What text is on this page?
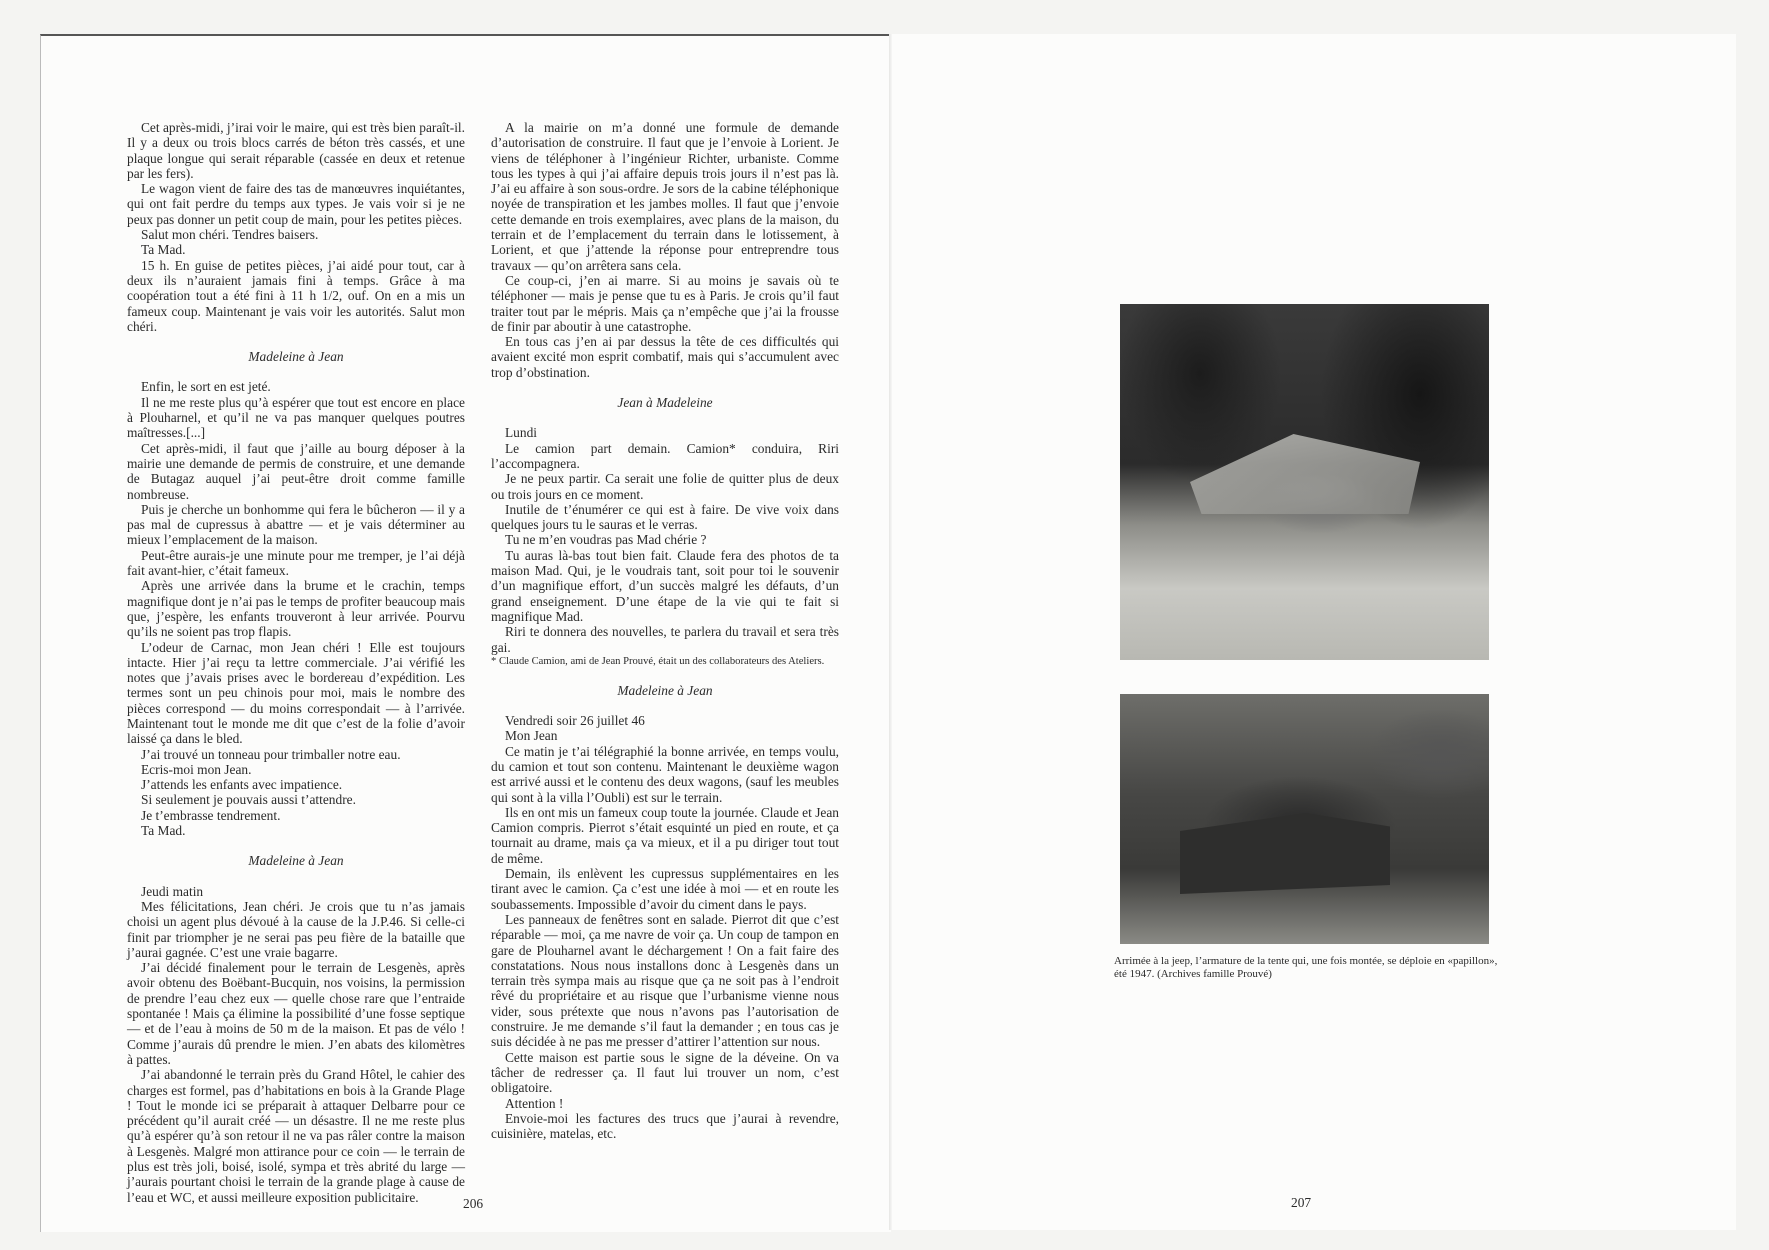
Cet après-midi, j’irai voir le maire, qui est très bien paraît-il. Il y a deux ou trois blocs carrés de béton très cassés, et une plaque longue qui serait réparable (cassée en deux et retenue par les fers).

Le wagon vient de faire des tas de manœuvres inquiétantes, qui ont fait perdre du temps aux types. Je vais voir si je ne peux pas donner un petit coup de main, pour les petites pièces.

Salut mon chéri. Tendres baisers.

Ta Mad.

15 h. En guise de petites pièces, j’ai aidé pour tout, car à deux ils n’auraient jamais fini à temps. Grâce à ma coopération tout a été fini à 11 h 1/2, ouf. On en a mis un fameux coup. Maintenant je vais voir les autorités. Salut mon chéri.

Madeleine à Jean

Enfin, le sort en est jeté.

Il ne me reste plus qu’à espérer que tout est encore en place à Plouharnel, et qu’il ne va pas manquer quelques poutres maîtresses.[...]

Cet après-midi, il faut que j’aille au bourg déposer à la mairie une demande de permis de construire, et une demande de Butagaz auquel j’ai peut-être droit comme famille nombreuse.

Puis je cherche un bonhomme qui fera le bûcheron — il y a pas mal de cupressus à abattre — et je vais déterminer au mieux l’emplacement de la maison.

Peut-être aurais-je une minute pour me tremper, je l’ai déjà fait avant-hier, c’était fameux.

Après une arrivée dans la brume et le crachin, temps magnifique dont je n’ai pas le temps de profiter beaucoup mais que, j’espère, les enfants trouveront à leur arrivée. Pourvu qu’ils ne soient pas trop flapis.

L’odeur de Carnac, mon Jean chéri ! Elle est toujours intacte. Hier j’ai reçu ta lettre commerciale. J’ai vérifié les notes que j’avais prises avec le bordereau d’expédition. Les termes sont un peu chinois pour moi, mais le nombre des pièces correspond — du moins correspondait — à l’arrivée. Maintenant tout le monde me dit que c’est de la folie d’avoir laissé ça dans le bled.

J’ai trouvé un tonneau pour trimballer notre eau.

Ecris-moi mon Jean.

J’attends les enfants avec impatience.

Si seulement je pouvais aussi t’attendre.

Je t’embrasse tendrement.

Ta Mad.

Madeleine à Jean

Jeudi matin

Mes félicitations, Jean chéri. Je crois que tu n’as jamais choisi un agent plus dévoué à la cause de la J.P.46. Si celle-ci finit par triompher je ne serai pas peu fière de la bataille que j’aurai gagnée. C’est une vraie bagarre.

J’ai décidé finalement pour le terrain de Lesgenès, après avoir obtenu des Boëbant-Bucquin, nos voisins, la permission de prendre l’eau chez eux — quelle chose rare que l’entraide spontanée ! Mais ça élimine la possibilité d’une fosse septique — et de l’eau à moins de 50 m de la maison. Et pas de vélo ! Comme j’aurais dû prendre le mien. J’en abats des kilomètres à pattes.

J’ai abandonné le terrain près du Grand Hôtel, le cahier des charges est formel, pas d’habitations en bois à la Grande Plage ! Tout le monde ici se préparait à attaquer Delbarre pour ce précédent qu’il aurait créé — un désastre. Il ne me reste plus qu’à espérer qu’à son retour il ne va pas râler contre la maison à Lesgenès. Malgré mon attirance pour ce coin — le terrain de plus est très joli, boisé, isolé, sympa et très abrité du large — j’aurais pourtant choisi le terrain de la grande plage à cause de l’eau et WC, et aussi meilleure exposition publicitaire.

A la mairie on m’a donné une formule de demande d’autorisation de construire. Il faut que je l’envoie à Lorient. Je viens de téléphoner à l’ingénieur Richter, urbaniste. Comme tous les types à qui j’ai affaire depuis trois jours il n’est pas là. J’ai eu affaire à son sous-ordre. Je sors de la cabine téléphonique noyée de transpiration et les jambes molles. Il faut que j’envoie cette demande en trois exemplaires, avec plans de la maison, du terrain et de l’emplacement du terrain dans le lotissement, à Lorient, et que j’attende la réponse pour entreprendre tous travaux — qu’on arrêtera sans cela.

Ce coup-ci, j’en ai marre. Si au moins je savais où te téléphoner — mais je pense que tu es à Paris. Je crois qu’il faut traiter tout par le mépris. Mais ça n’empêche que j’ai la frousse de finir par aboutir à une catastrophe.

En tous cas j’en ai par dessus la tête de ces difficultés qui avaient excité mon esprit combatif, mais qui s’accumulent avec trop d’obstination.

Jean à Madeleine

Lundi

Le camion part demain. Camion* conduira, Riri l’accompagnera.

Je ne peux partir. Ca serait une folie de quitter plus de deux ou trois jours en ce moment.

Inutile de t’énumérer ce qui est à faire. De vive voix dans quelques jours tu le sauras et le verras.

Tu ne m’en voudras pas Mad chérie ?

Tu auras là-bas tout bien fait. Claude fera des photos de ta maison Mad. Qui, je le voudrais tant, soit pour toi le souvenir d’un magnifique effort, d’un succès malgré les défauts, d’un grand enseignement. D’une étape de la vie qui te fait si magnifique Mad.

Riri te donnera des nouvelles, te parlera du travail et sera très gai.

* Claude Camion, ami de Jean Prouvé, était un des collaborateurs des Ateliers.

Madeleine à Jean

Vendredi soir 26 juillet 46

Mon Jean

Ce matin je t’ai télégraphié la bonne arrivée, en temps voulu, du camion et tout son contenu. Maintenant le deuxième wagon est arrivé aussi et le contenu des deux wagons, (sauf les meubles qui sont à la villa l’Oubli) est sur le terrain.

Ils en ont mis un fameux coup toute la journée. Claude et Jean Camion compris. Pierrot s’était esquinté un pied en route, et ça tournait au drame, mais ça va mieux, et il a pu diriger tout tout de même.

Demain, ils enlèvent les cupressus supplémentaires en les tirant avec le camion. Ça c’est une idée à moi — et en route les soubassements. Impossible d’avoir du ciment dans le pays.

Les panneaux de fenêtres sont en salade. Pierrot dit que c’est réparable — moi, ça me navre de voir ça. Un coup de tampon en gare de Plouharnel avant le déchargement ! On a fait faire des constatations. Nous nous installons donc à Lesgenès dans un terrain très sympa mais au risque que ça ne soit pas à l’endroit rêvé du propriétaire et au risque que l’urbanisme vienne nous vider, sous prétexte que nous n’avons pas l’autorisation de construire. Je me demande s’il faut la demander ; en tous cas je suis décidée à ne pas me presser d’attirer l’attention sur nous.

Cette maison est partie sous le signe de la déveine. On va tâcher de redresser ça. Il faut lui trouver un nom, c’est obligatoire.

Attention !

Envoie-moi les factures des trucs que j’aurai à revendre, cuisinière, matelas, etc.

206
Arrimée à la jeep, l’armature de la tente qui, une fois montée, se déploie en «papillon», été 1947. (Archives famille Prouvé)
207
